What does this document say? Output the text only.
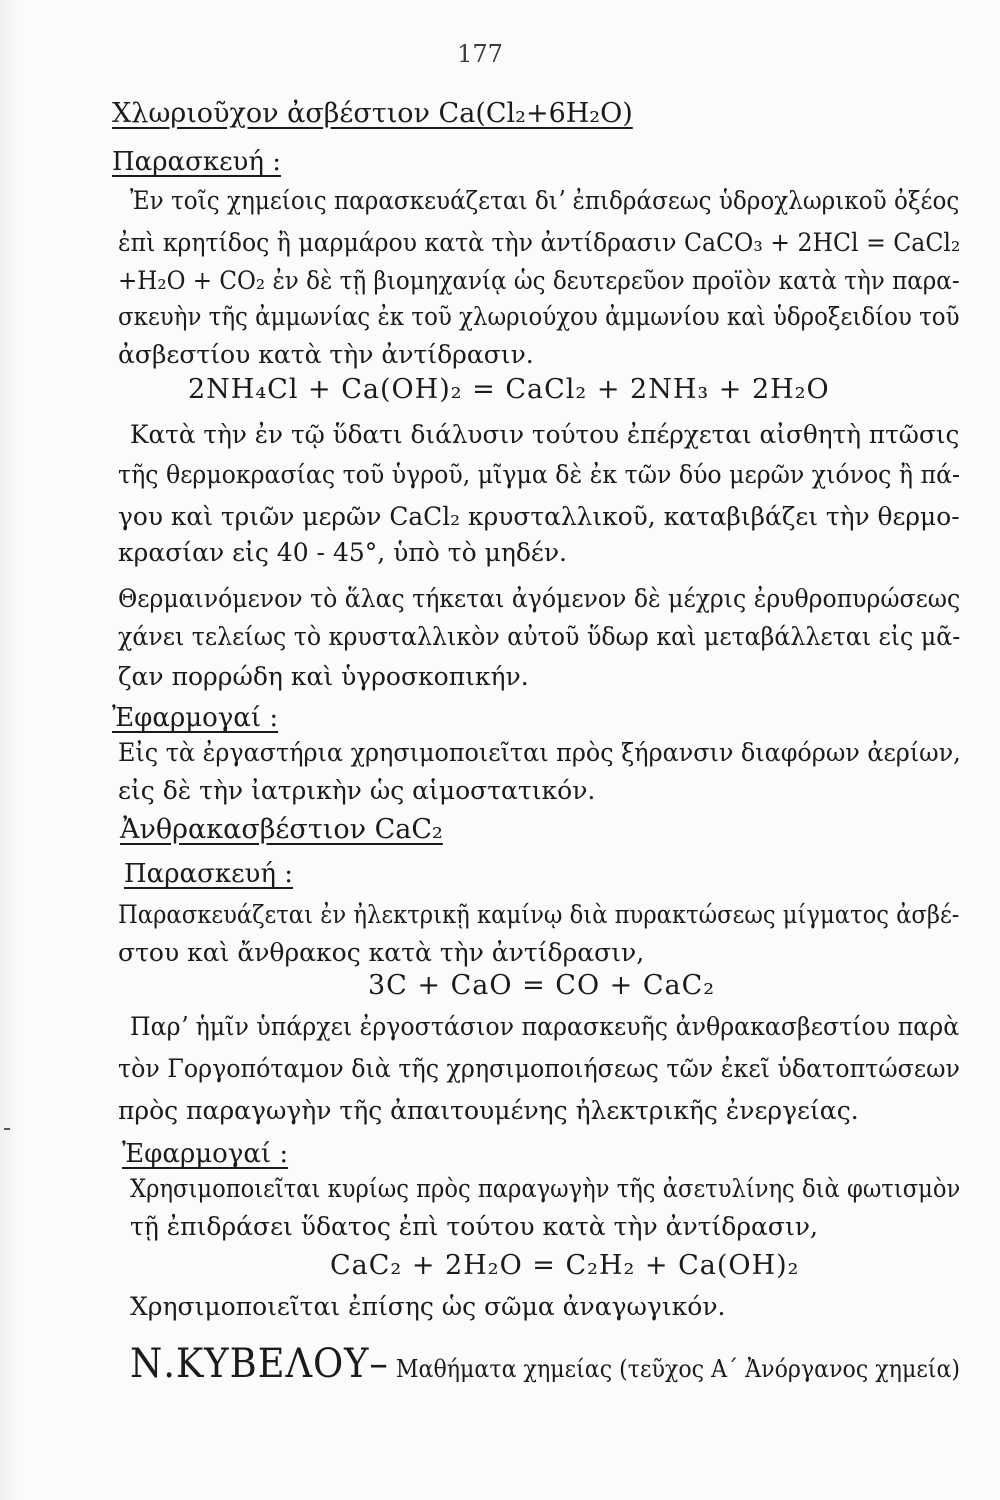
177
Χλωριοῦχον ἀσβέστιον Ca(Cl₂+6H₂O)
Παρασκευή :
Ἐν τοῖς χημείοις παρασκευάζεται διʼ ἐπιδράσεως ὑδροχλωρικοῦ ὀξέος
ἐπὶ κρητίδος ἢ μαρμάρου κατὰ τὴν ἀντίδρασιν CaCO₃ + 2HCl = CaCl₂
+H₂O + CO₂ ἐν δὲ τῇ βιομηχανίᾳ ὡς δευτερεῦον προϊὸν κατὰ τὴν παρα-
σκευὴν τῆς ἀμμωνίας ἐκ τοῦ χλωριούχου ἀμμωνίου καὶ ὑδροξειδίου τοῦ
ἀσβεστίου κατὰ τὴν ἀντίδρασιν.
2NH₄Cl + Ca(OH)₂ = CaCl₂ + 2NH₃ + 2H₂O
Κατὰ τὴν ἐν τῷ ὕδατι διάλυσιν τούτου ἐπέρχεται αἰσθητὴ πτῶσις
τῆς θερμοκρασίας τοῦ ὑγροῦ, μῖγμα δὲ ἐκ τῶν δύο μερῶν χιόνος ἢ πά-
γου καὶ τριῶν μερῶν CaCl₂ κρυσταλλικοῦ, καταβιβάζει τὴν θερμο-
κρασίαν εἰς 40 - 45°, ὑπὸ τὸ μηδέν.
Θερμαινόμενον τὸ ἅλας τήκεται ἀγόμενον δὲ μέχρις ἐρυθροπυρώσεως
χάνει τελείως τὸ κρυσταλλικὸν αὐτοῦ ὕδωρ καὶ μεταβάλλεται εἰς μᾶ-
ζαν πορρώδη καὶ ὑγροσκοπικήν.
Ἐφαρμογαί :
Εἰς τὰ ἐργαστήρια χρησιμοποιεῖται πρὸς ξήρανσιν διαφόρων ἀερίων,
εἰς δὲ τὴν ἰατρικὴν ὡς αἱμοστατικόν.
Ἀνθρακασβέστιον CaC₂
Παρασκευή :
Παρασκευάζεται ἐν ἠλεκτρικῇ καμίνῳ διὰ πυρακτώσεως μίγματος ἀσβέ-
στου καὶ ἄνθρακος κατὰ τὴν ἀντίδρασιν,
3C + CaO = CO + CaC₂
Παρʼ ἡμῖν ὑπάρχει ἐργοστάσιον παρασκευῆς ἀνθρακασβεστίου παρὰ
τὸν Γοργοπόταμον διὰ τῆς χρησιμοποιήσεως τῶν ἐκεῖ ὑδατοπτώσεων
πρὸς παραγωγὴν τῆς ἀπαιτουμένης ἠλεκτρικῆς ἐνεργείας.
Ἐφαρμογαί :
Χρησιμοποιεῖται κυρίως πρὸς παραγωγὴν τῆς ἀσετυλίνης διὰ φωτισμὸν
τῇ ἐπιδράσει ὕδατος ἐπὶ τούτου κατὰ τὴν ἀντίδρασιν,
CaC₂ + 2H₂O = C₂H₂ + Ca(OH)₂
Χρησιμοποιεῖται ἐπίσης ὡς σῶμα ἀναγωγικόν.
Ν.ΚΥΒΕΛΟΥ– Μαθήματα χημείας (τεῦχος Α΄ Ἀνόργανος χημεία)
